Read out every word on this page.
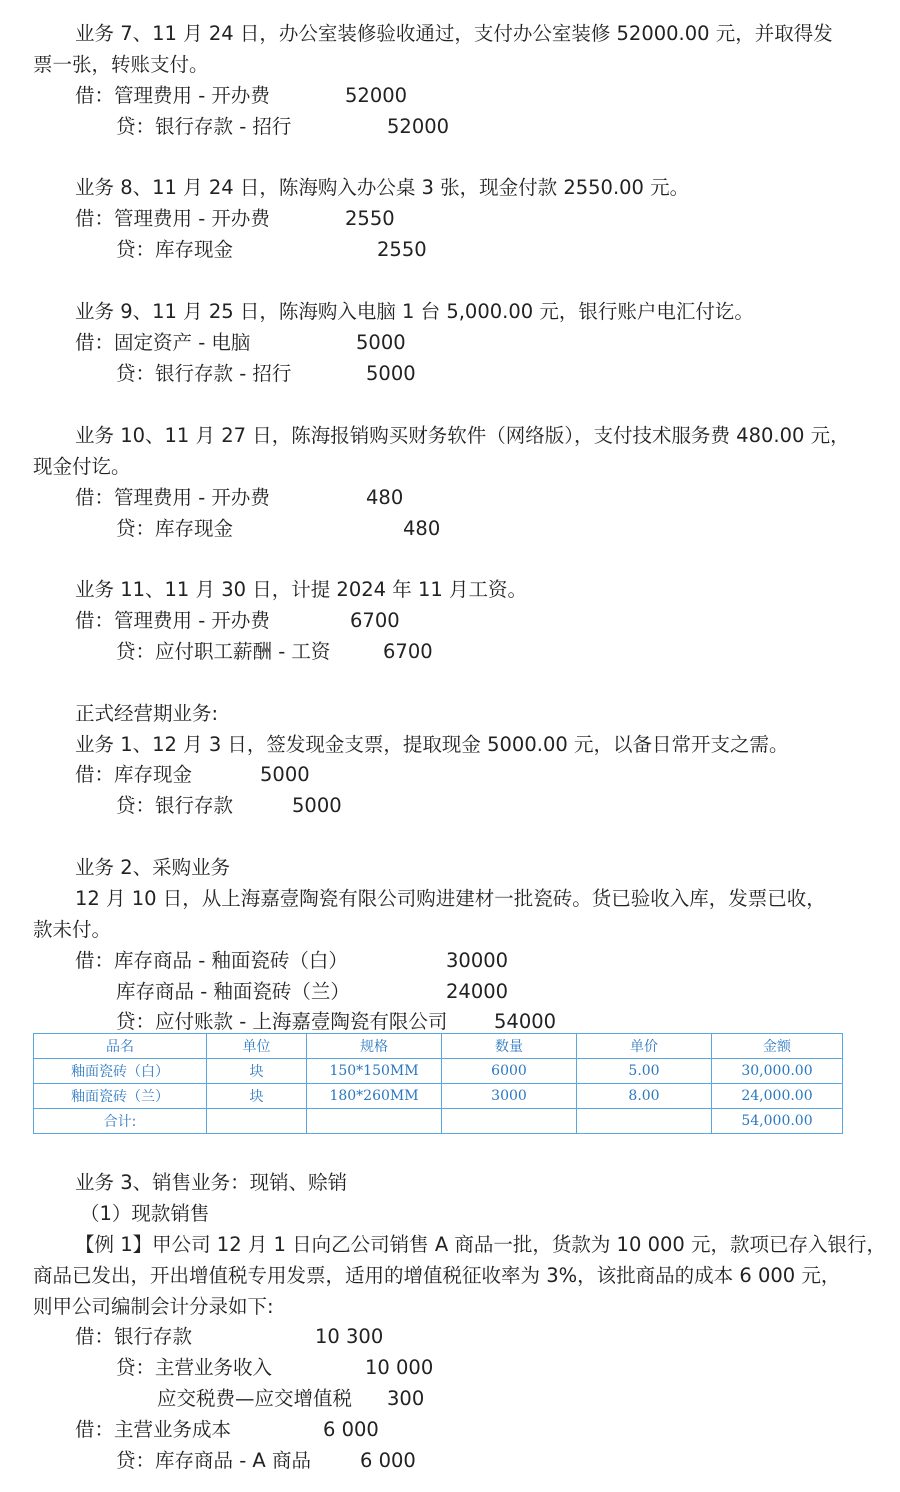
业务 7、11 月 24 日，办公室装修验收通过，支付办公室装修 52000.00 元，并取得发
票一张，转账支付。
借：管理费用 - 开办费	52000
贷：银行存款 - 招行	52000
业务 8、11 月 24 日，陈海购入办公桌 3 张，现金付款 2550.00 元。
借：管理费用 - 开办费	2550
贷：库存现金	2550
业务 9、11 月 25 日，陈海购入电脑 1 台 5,000.00 元，银行账户电汇付讫。
借：固定资产 - 电脑	5000
贷：银行存款 - 招行	5000
业务 10、11 月 27 日，陈海报销购买财务软件（网络版），支付技术服务费 480.00 元，
现金付讫。
借：管理费用 - 开办费	480
贷：库存现金	480
业务 11、11 月 30 日，计提 2024 年 11 月工资。
借：管理费用 - 开办费	6700
贷：应付职工薪酬 - 工资	6700
正式经营期业务:
业务 1、12 月 3 日，签发现金支票，提取现金 5000.00 元，以备日常开支之需。
借：库存现金	5000
贷：银行存款	5000
业务 2、采购业务
12 月 10 日，从上海嘉壹陶瓷有限公司购进建材一批瓷砖。货已验收入库，发票已收，
款未付。
借：库存商品 - 釉面瓷砖（白）	30000
库存商品 - 釉面瓷砖（兰）	24000
贷：应付账款 - 上海嘉壹陶瓷有限公司 54000
品名	单位	规格	数量	单价	金额
釉面瓷砖（白）	块	150*150MM	6000	5.00	30,000.00
釉面瓷砖（兰）	块	180*260MM	3000	8.00	24,000.00
合计:					54,000.00
业务 3、销售业务：现销、赊销
（1）现款销售
【例 1】甲公司 12 月 1 日向乙公司销售 A 商品一批，货款为 10 000 元，款项已存入银行，
商品已发出，开出增值税专用发票，适用的增值税征收率为 3%，该批商品的成本 6 000 元，
则甲公司编制会计分录如下:
借：银行存款	10 300
贷：主营业务收入	10 000
应交税费—应交增值税 300
借：主营业务成本	6 000
贷：库存商品 - A 商品	6 000
